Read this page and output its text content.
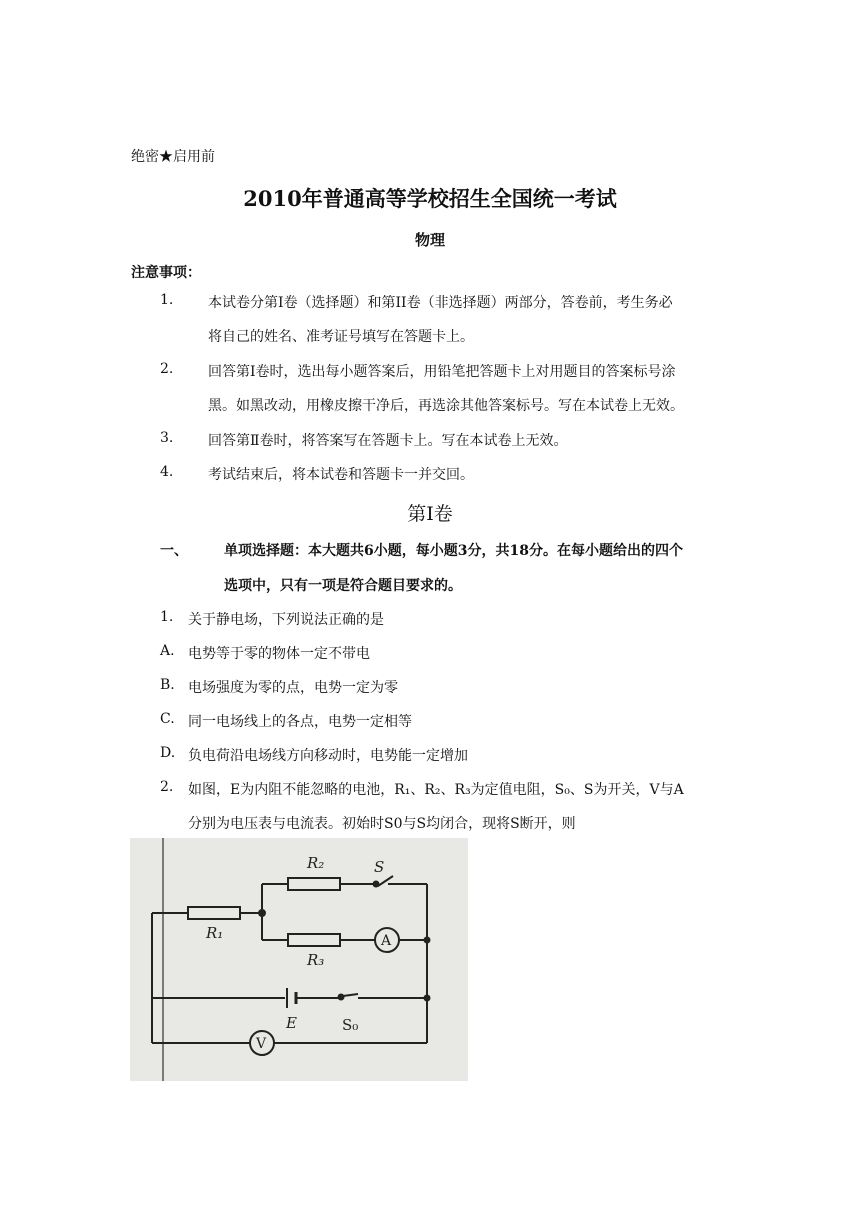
绝密★启用前
2010年普通高等学校招生全国统一考试
物理
注意事项：
1. 本试卷分第Ⅰ卷（选择题）和第II卷（非选择题）两部分，答卷前，考生务必
将自己的姓名、准考证号填写在答题卡上。
2. 回答第Ⅰ卷时，选出每小题答案后，用铅笔把答题卡上对用题目的答案标号涂
黑。如黑改动，用橡皮擦干净后，再选涂其他答案标号。写在本试卷上无效。
3. 回答第Ⅱ卷时，将答案写在答题卡上。写在本试卷上无效。
4. 考试结束后，将本试卷和答题卡一并交回。
第Ⅰ卷
一、	单项选择题：本大题共6小题，每小题3分，共18分。在每小题给出的四个
选项中，只有一项是符合题目要求的。
1. 关于静电场，下列说法正确的是
A. 电势等于零的物体一定不带电
B. 电场强度为零的点，电势一定为零
C. 同一电场线上的各点，电势一定相等
D. 负电荷沿电场线方向移动时，电势能一定增加
2. 如图，E为内阻不能忽略的电池，R₁、R₂、R₃为定值电阻，S₀、S为开关，V与A
分别为电压表与电流表。初始时S0与S均闭合，现将S断开，则
R₂	S
R₁	A
R₃
E	S₀
V
